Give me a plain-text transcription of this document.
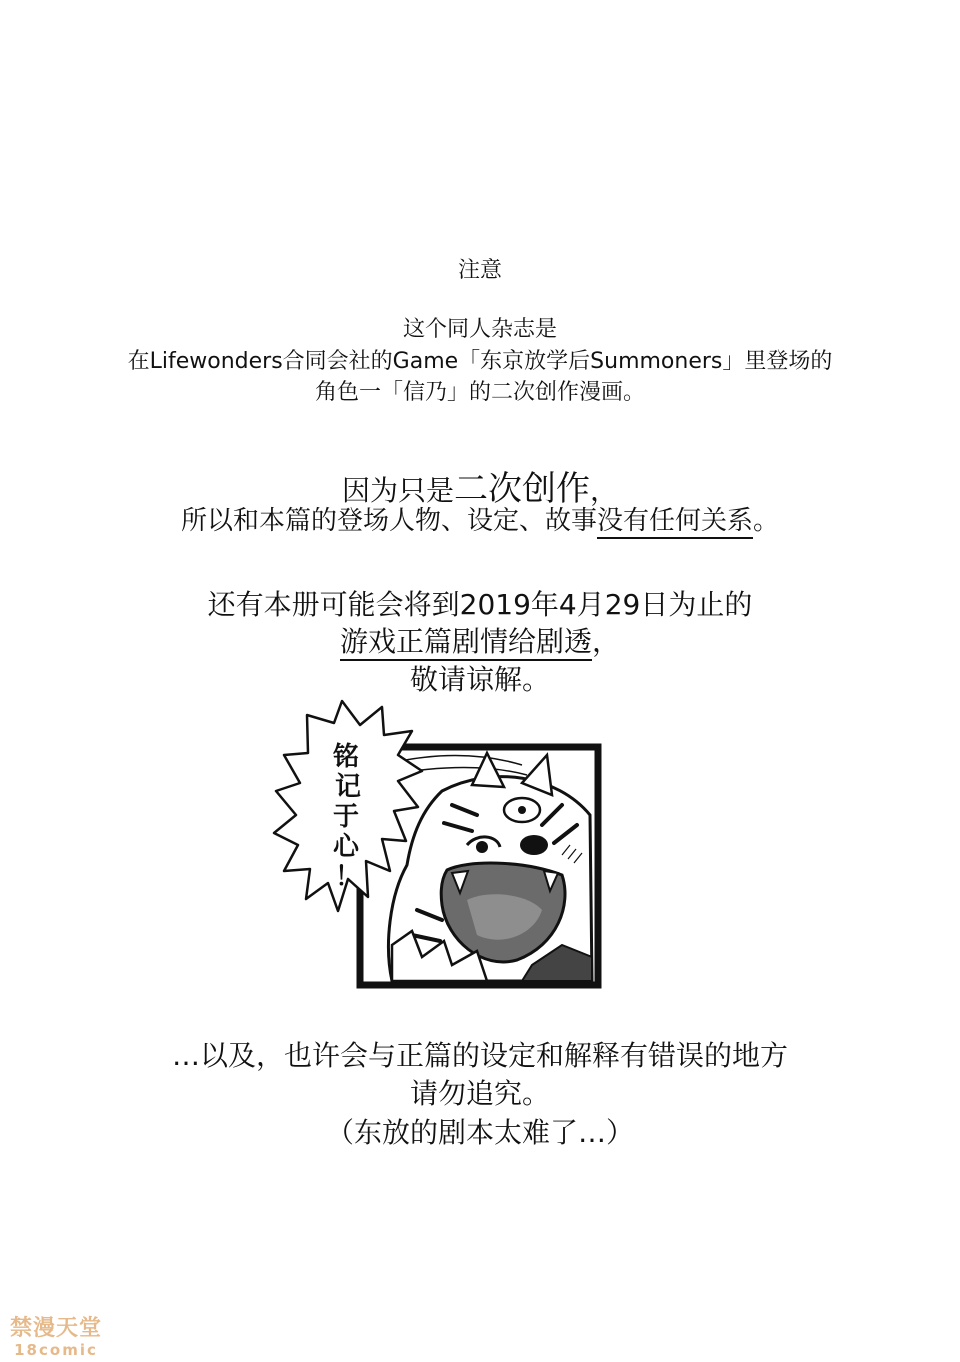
注意
这个同人杂志是
在Lifewonders合同会社的Game「东京放学后Summoners」里登场的
角色一「信乃」的二次创作漫画。
因为只是二次创作，
所以和本篇的登场人物、设定、故事没有任何关系。
还有本册可能会将到2019年4月29日为止的
游戏正篇剧情给剧透，
敬请谅解。
铭
记
于
心
！
…以及，也许会与正篇的设定和解释有错误的地方
请勿追究。
（东放的剧本太难了…）
禁漫天堂
18comic
